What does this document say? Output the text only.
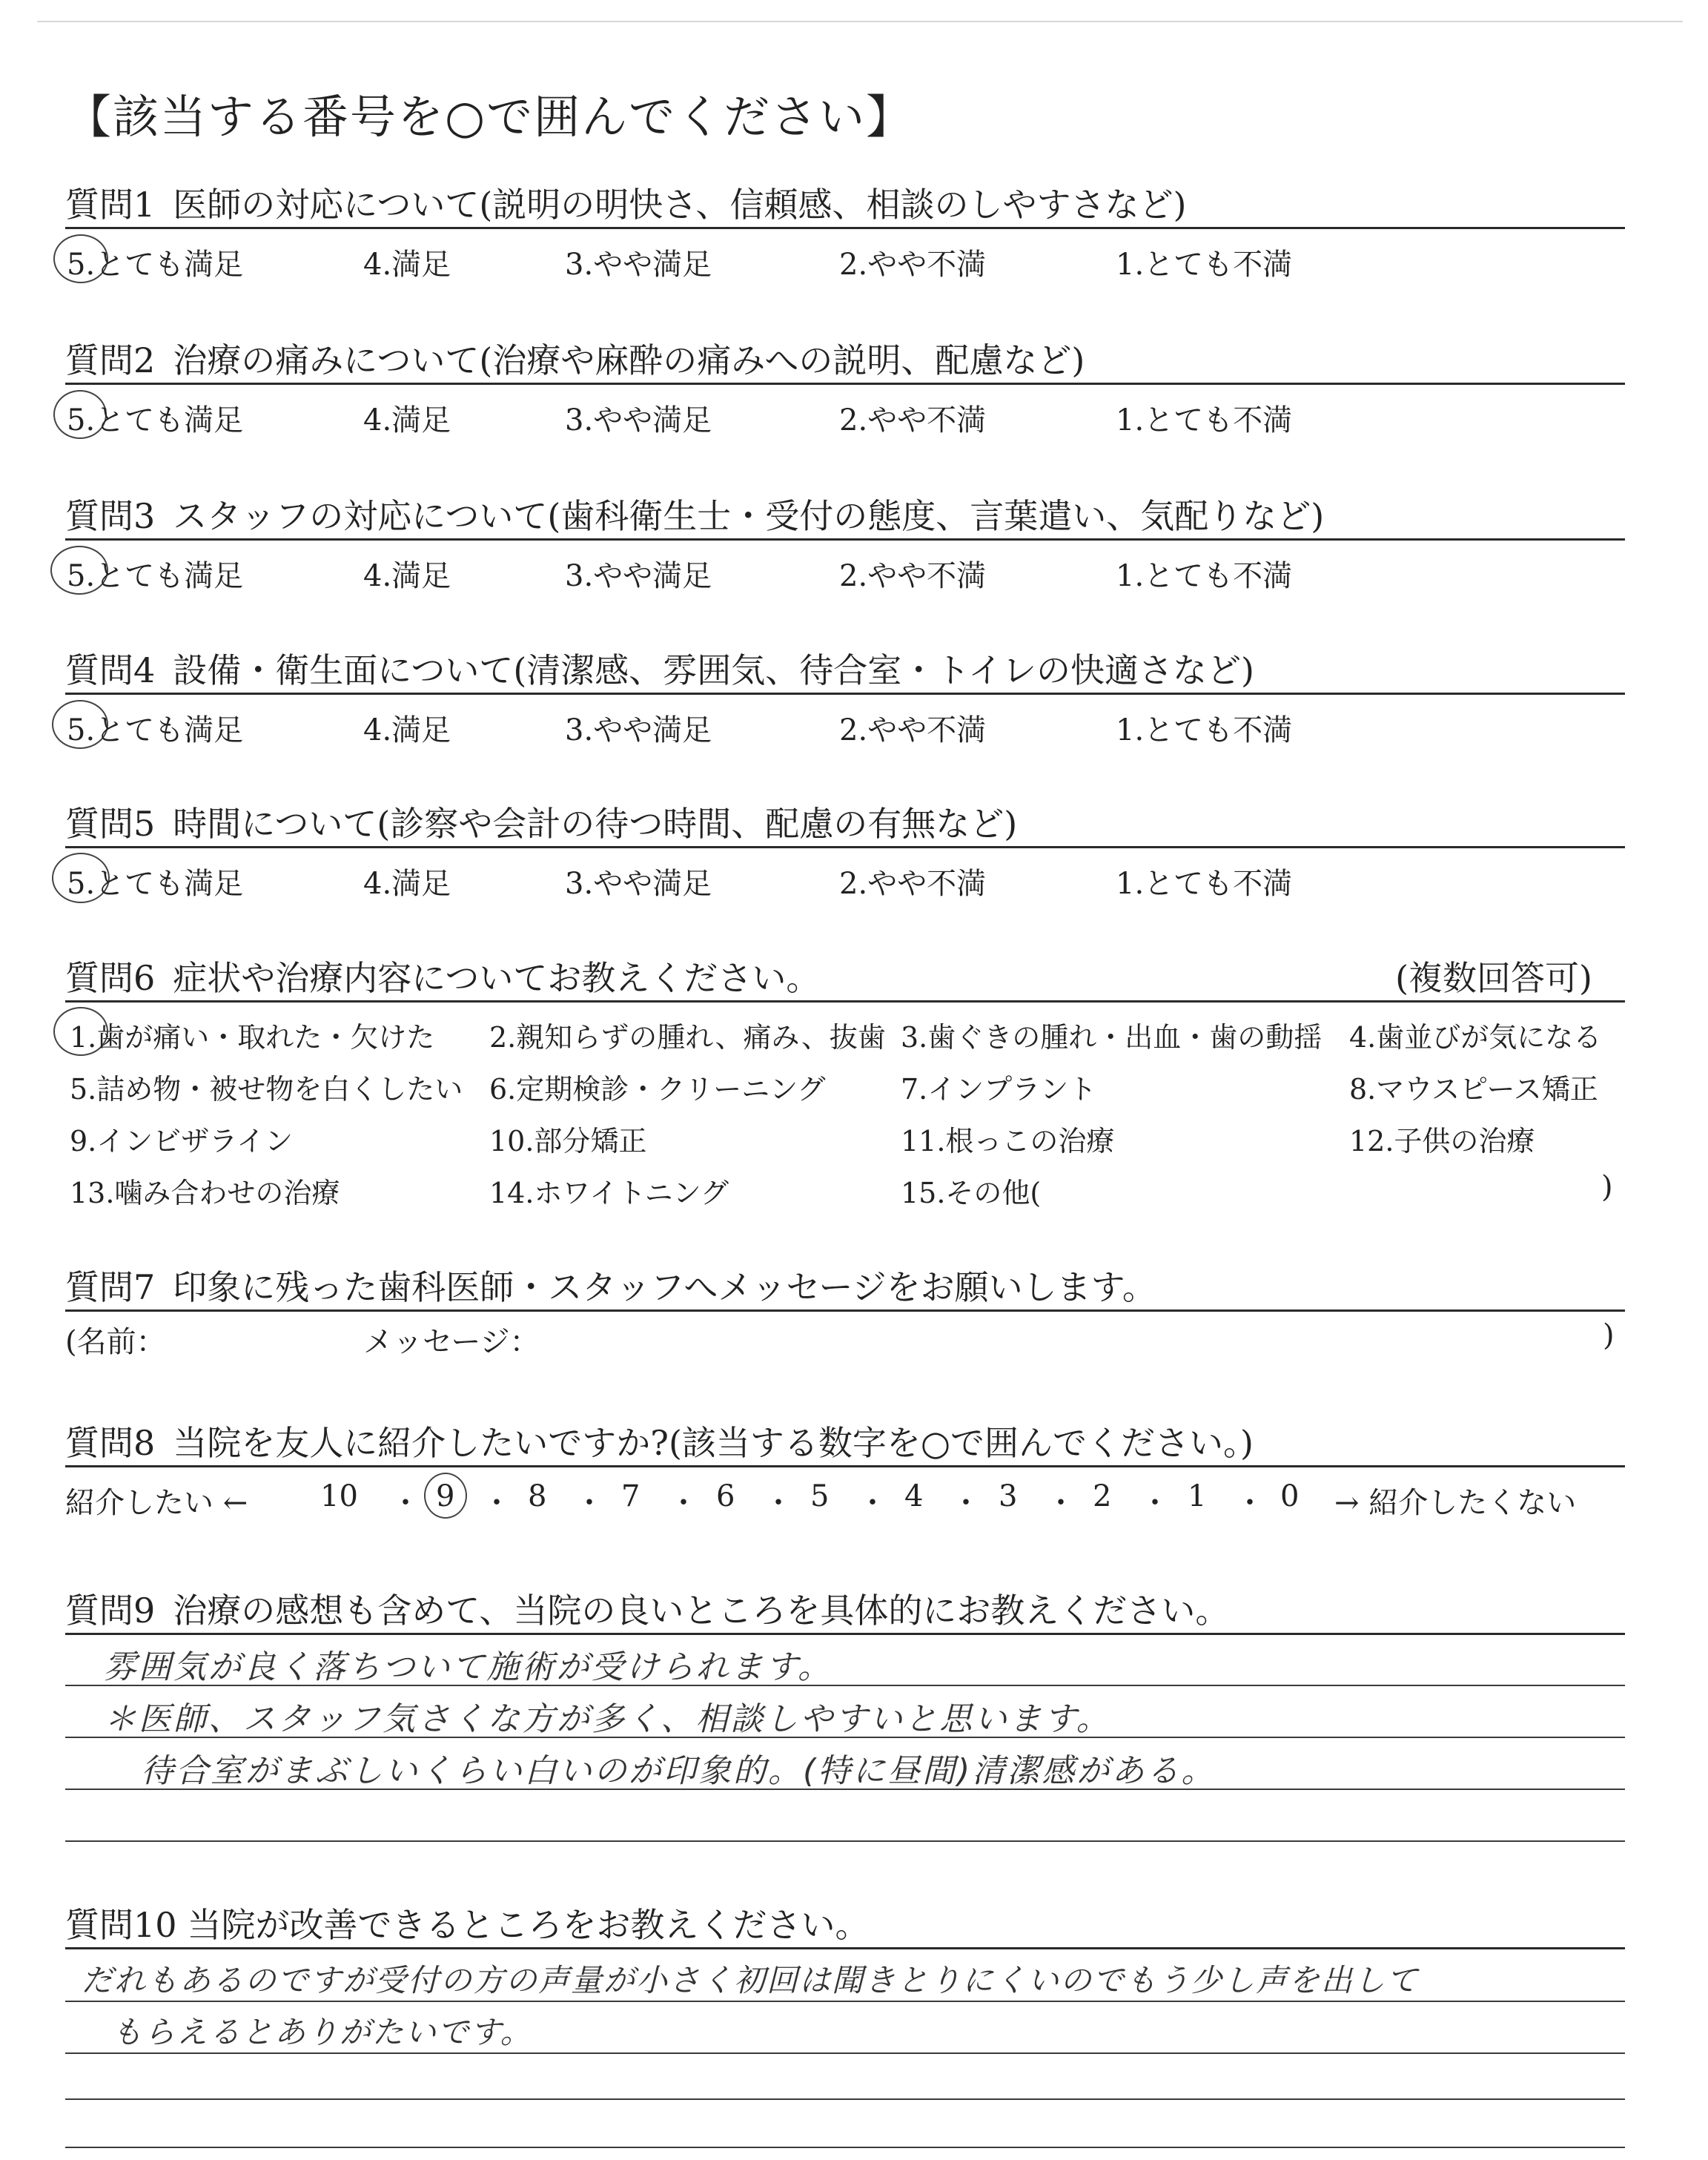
【該当する番号を○で囲んでください】
質問1 医師の対応について(説明の明快さ、信頼感、相談のしやすさなど)
5.とても満足	4.満足	3.やや満足	2.やや不満	1.とても不満
質問2 治療の痛みについて(治療や麻酔の痛みへの説明、配慮など)
5.とても満足	4.満足	3.やや満足	2.やや不満	1.とても不満
質問3 スタッフの対応について(歯科衛生士・受付の態度、言葉遣い、気配りなど)
5.とても満足	4.満足	3.やや満足	2.やや不満	1.とても不満
質問4 設備・衛生面について(清潔感、雰囲気、待合室・トイレの快適さなど)
5.とても満足	4.満足	3.やや満足	2.やや不満	1.とても不満
質問5 時間について(診察や会計の待つ時間、配慮の有無など)
5.とても満足	4.満足	3.やや満足	2.やや不満	1.とても不満
質問6 症状や治療内容についてお教えください。	(複数回答可)
1.歯が痛い・取れた・欠けた 2.親知らずの腫れ、痛み、抜歯 3.歯ぐきの腫れ・出血・歯の動揺 4.歯並びが気になる
5.詰め物・被せ物を白くしたい 6.定期検診・クリーニング	7.インプラント	8.マウスピース矯正
9.インビザライン	10.部分矯正	11.根っこの治療	12.子供の治療
13.噛み合わせの治療	14.ホワイトニング	15.その他(	)
質問7 印象に残った歯科医師・スタッフへメッセージをお願いします。
(名前：	メッセージ：	)
質問8 当院を友人に紹介したいですか?(該当する数字を○で囲んでください。)
紹介したい ← 10 ・ 9 ・ 8 ・ 7 ・ 6 ・ 5 ・ 4 ・ 3 ・ 2 ・ 1 ・ 0 → 紹介したくない
質問9 治療の感想も含めて、当院の良いところを具体的にお教えください。
雰囲気が良く落ちついて施術が受けられます。
＊医師、スタッフ気さくな方が多く、相談しやすいと思います。
待合室がまぶしいくらい白いのが印象的。(特に昼間)清潔感がある。
質問10 当院が改善できるところをお教えください。
だれもあるのですが受付の方の声量が小さく初回は聞きとりにくいのでもう少し声を出して
もらえるとありがたいです。
